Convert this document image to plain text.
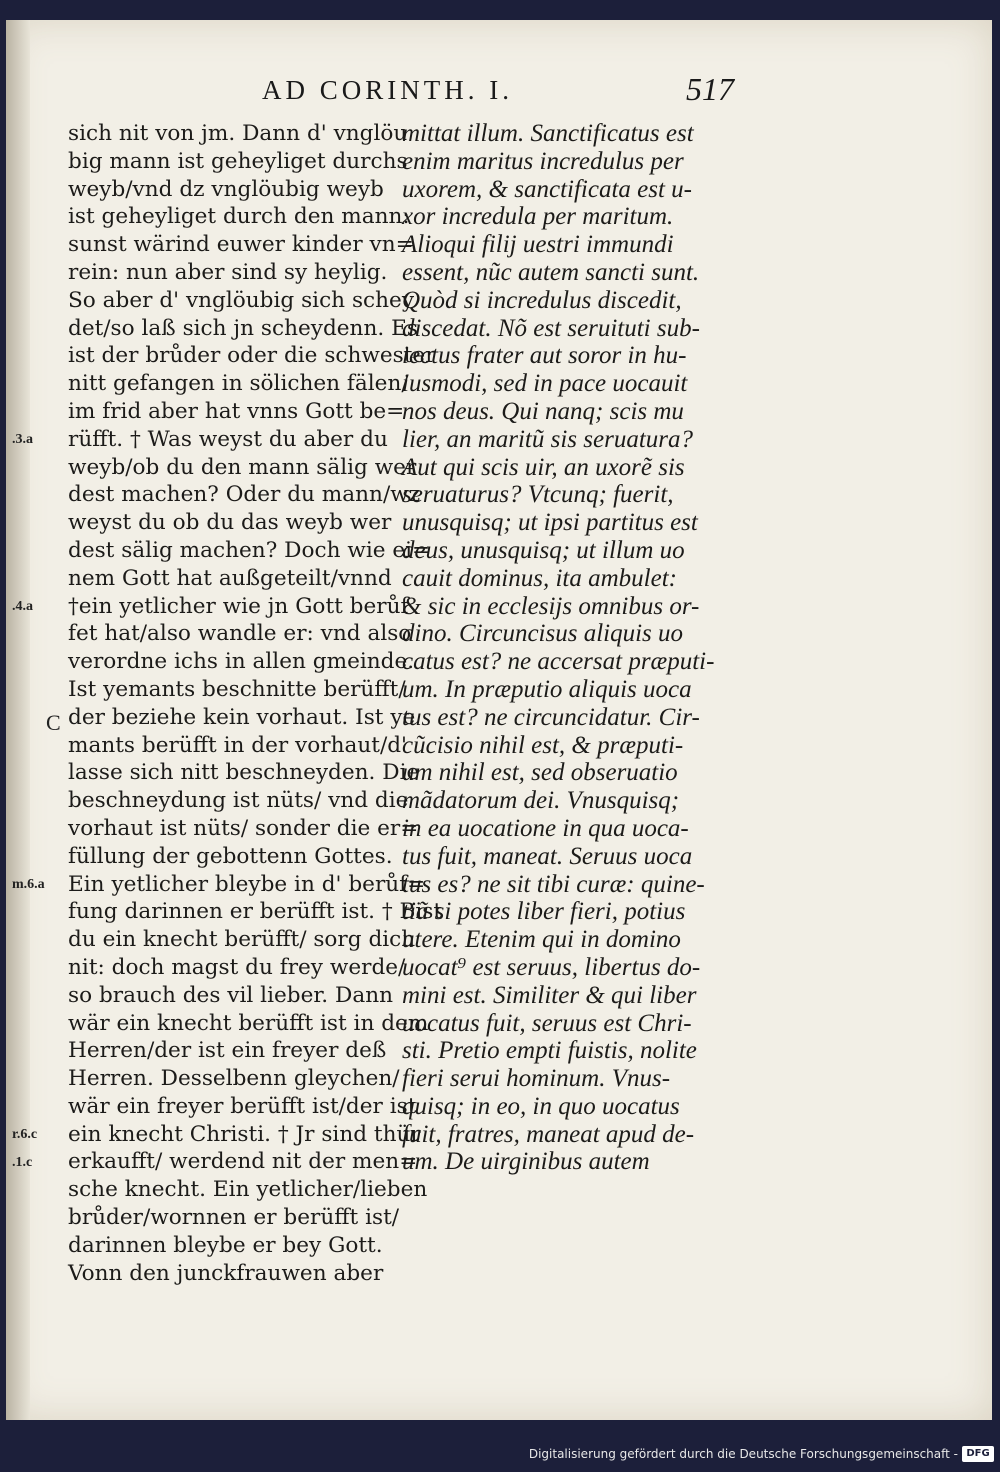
AD CORINTH. I.	517
sich nit von jm. Dann d' vnglöu
big mann ist geheyliget durchs
weyb/vnd dz vnglöubig weyb
ist geheyliget durch den mann:
sunst wärind euwer kinder vn=
rein: nun aber sind sy heylig.
So aber d' vnglöubig sich schey
det/so laß sich jn scheydenn. Es
ist der brůder oder die schwester
nitt gefangen in sölichen fälen/
im frid aber hat vnns Gott be=
rüfft. † Was weyst du aber du
weyb/ob du den mann sälig wer
dest machen? Oder du mann/wz
weyst du ob du das weyb wer
dest sälig machen? Doch wie ei=
nem Gott hat außgeteilt/vnnd
†ein yetlicher wie jn Gott berůf
fet hat/also wandle er: vnd also
verordne ichs in allen gmeinde.
Ist yemants beschnitte berüfft/
der beziehe kein vorhaut. Ist ye
mants berüfft in der vorhaut/d'
lasse sich nitt beschneyden. Die
beschneydung ist nüts/ vnd die
vorhaut ist nüts/ sonder die er=
füllung der gebottenn Gottes.
Ein yetlicher bleybe in d' berůf=
fung darinnen er berüfft ist. † Bist
du ein knecht berüfft/ sorg dich
nit: doch magst du frey werde/
so brauch des vil lieber. Dann
wär ein knecht berüfft ist in dem
Herren/der ist ein freyer deß
Herren. Desselbenn gleychen/
wär ein freyer berüfft ist/der ist
ein knecht Christi. † Jr sind thür
erkaufft/ werdend nit der men=
sche knecht. Ein yetlicher/lieben
brůder/wornnen er berüfft ist/
darinnen bleybe er bey Gott.
Vonn den junckfrauwen aber
mittat illum. Sanctificatus est
enim maritus incredulus per
uxorem, & sanctificata est u-
xor incredula per maritum.
Alioqui filij uestri immundi
essent, nũc autem sancti sunt.
Quòd si incredulus discedit,
discedat. Nõ est seruituti sub-
iectus frater aut soror in hu-
iusmodi, sed in pace uocauit
nos deus. Qui nanq; scis mu
lier, an maritũ sis seruatura?
Aut qui scis uir, an uxorẽ sis
seruaturus? Vtcunq; fuerit,
unusquisq; ut ipsi partitus est
deus, unusquisq; ut illum uo
cauit dominus, ita ambulet:
& sic in ecclesijs omnibus or-
dino. Circuncisus aliquis uo
catus est? ne accersat præputi-
um. In præputio aliquis uoca
tus est? ne circuncidatur. Cir-
cũcisio nihil est, & præputi-
um nihil est, sed obseruatio
mãdatorum dei. Vnusquisq;
in ea uocatione in qua uoca-
tus fuit, maneat. Seruus uoca
tus es? ne sit tibi curæ: quine-
tiã si potes liber fieri, potius
utere. Etenim qui in domino
uocat⁹ est seruus, libertus do-
mini est. Similiter & qui liber
uocatus fuit, seruus est Chri-
sti. Pretio empti fuistis, nolite
fieri serui hominum. Vnus-
quisq; in eo, in quo uocatus
fuit, fratres, maneat apud de-
um. De uirginibus autem
.3.a
.4.a
C
m.6.a
r.6.c
.1.c
Digitalisierung gefördert durch die Deutsche Forschungsgemeinschaft - DFG
